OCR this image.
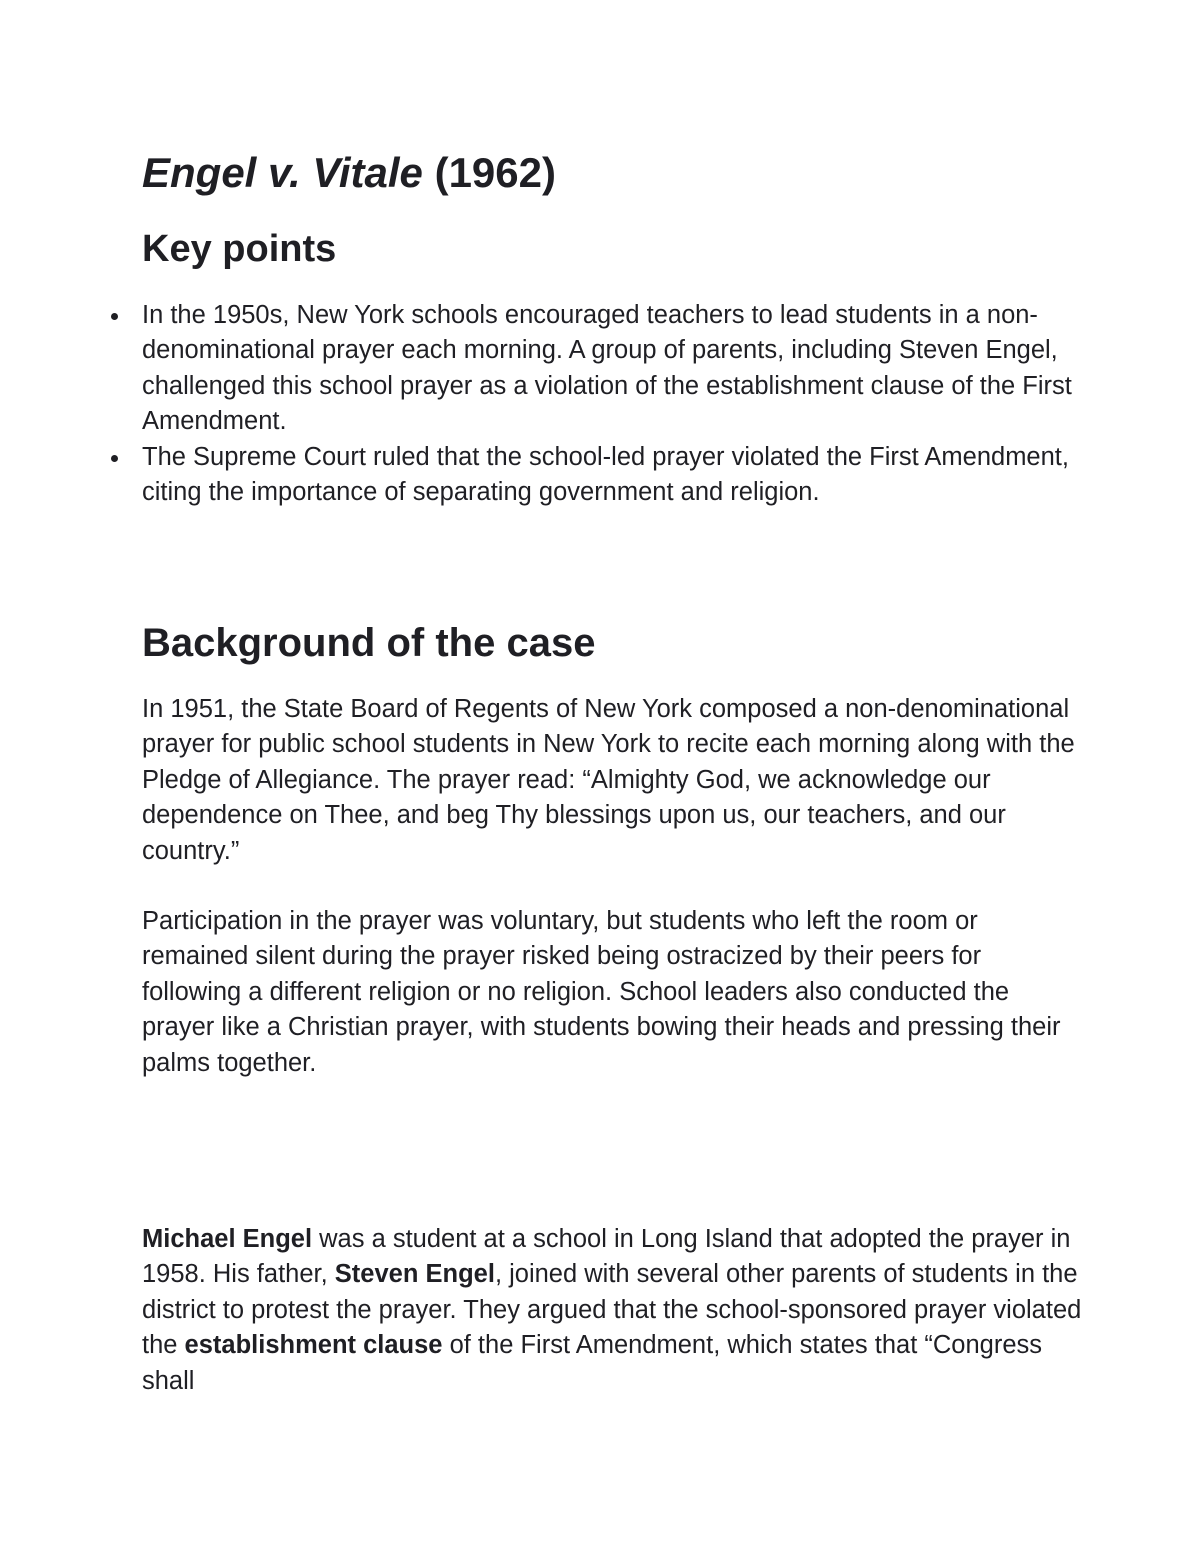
Engel v. Vitale (1962)
Key points
In the 1950s, New York schools encouraged teachers to lead students in a non-denominational prayer each morning. A group of parents, including Steven Engel, challenged this school prayer as a violation of the establishment clause of the First Amendment.
The Supreme Court ruled that the school-led prayer violated the First Amendment, citing the importance of separating government and religion.
Background of the case

In 1951, the State Board of Regents of New York composed a non-denominational prayer for public school students in New York to recite each morning along with the Pledge of Allegiance. The prayer read: “Almighty God, we acknowledge our dependence on Thee, and beg Thy blessings upon us, our teachers, and our country.”

Participation in the prayer was voluntary, but students who left the room or remained silent during the prayer risked being ostracized by their peers for following a different religion or no religion. School leaders also conducted the prayer like a Christian prayer, with students bowing their heads and pressing their palms together.

Michael Engel was a student at a school in Long Island that adopted the prayer in 1958. His father, Steven Engel, joined with several other parents of students in the district to protest the prayer. They argued that the school-sponsored prayer violated the establishment clause of the First Amendment, which states that “Congress shall
